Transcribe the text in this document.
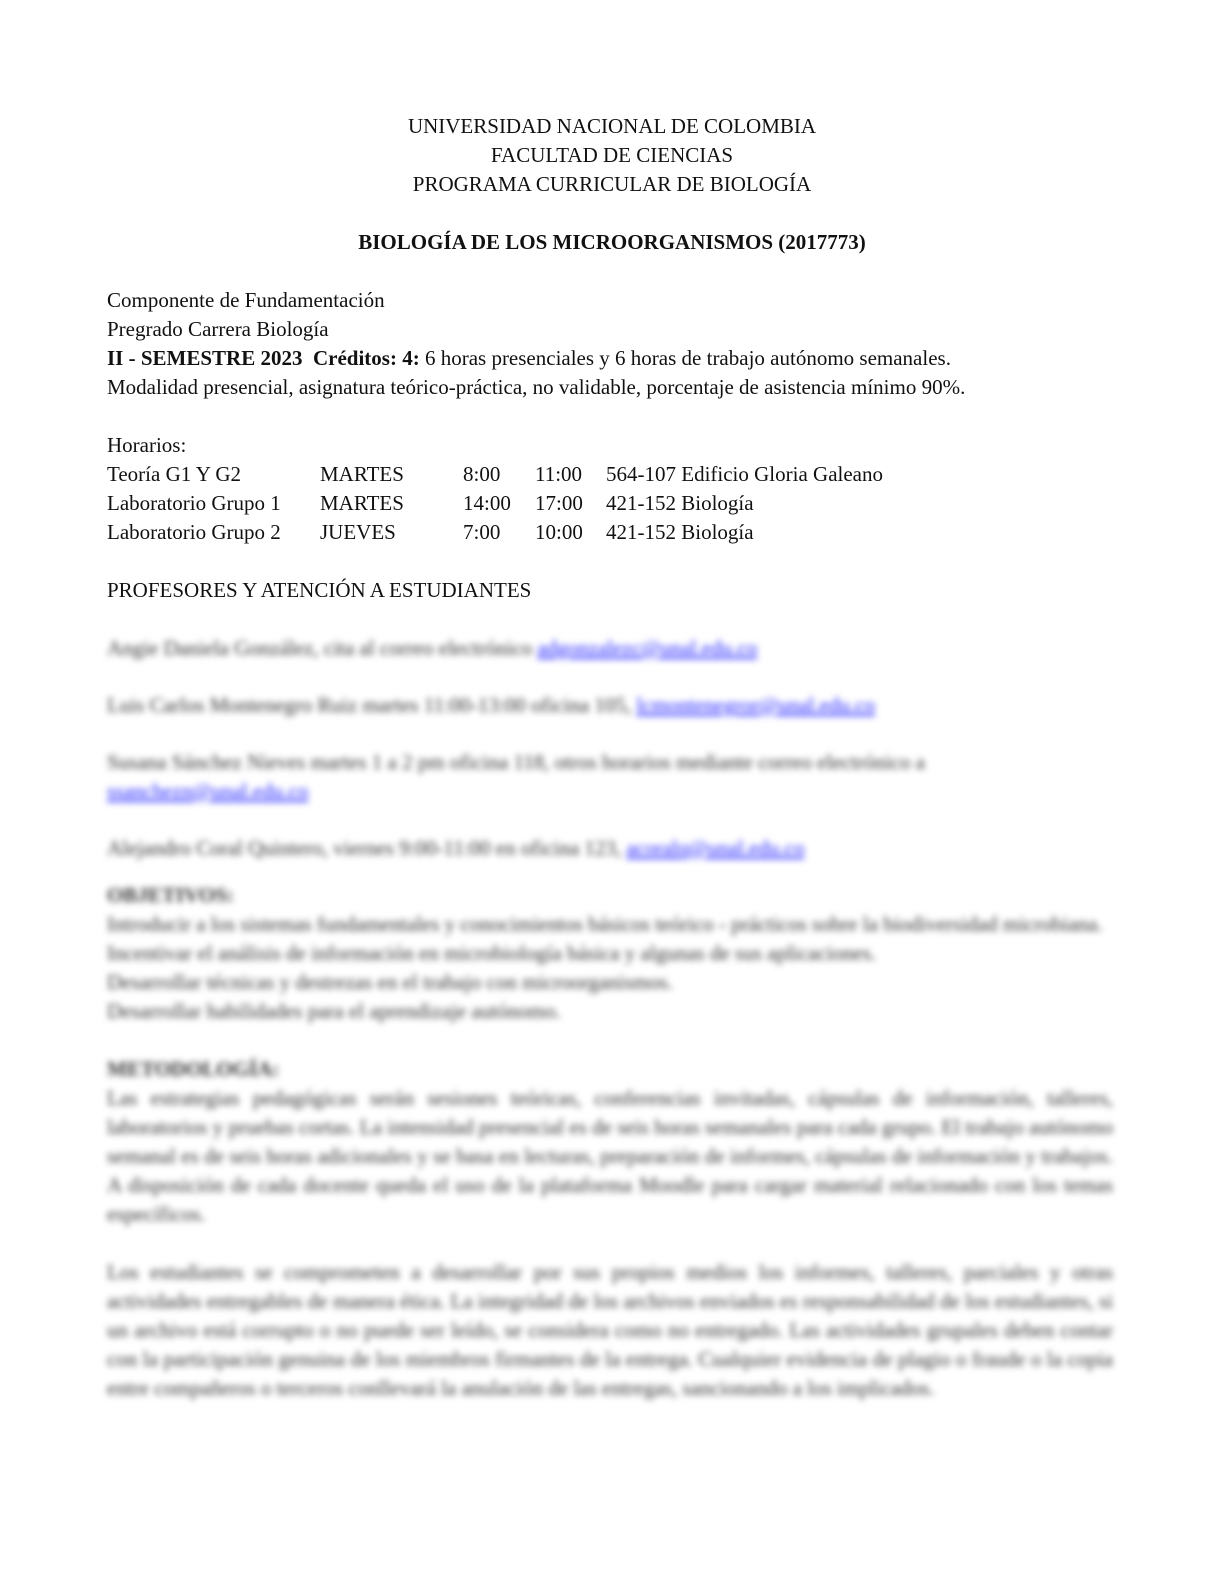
UNIVERSIDAD NACIONAL DE COLOMBIA
FACULTAD DE CIENCIAS
PROGRAMA CURRICULAR DE BIOLOGÍA
BIOLOGÍA DE LOS MICROORGANISMOS (2017773)
Componente de Fundamentación
Pregrado Carrera Biología
II - SEMESTRE 2023 Créditos: 4: 6 horas presenciales y 6 horas de trabajo autónomo semanales.
Modalidad presencial, asignatura teórico-práctica, no validable, porcentaje de asistencia mínimo 90%.
Horarios:
Teoría G1 Y G2	MARTES	8:00	11:00	564-107 Edificio Gloria Galeano
Laboratorio Grupo 1	MARTES	14:00	17:00	421-152 Biología
Laboratorio Grupo 2	JUEVES	7:00	10:00	421-152 Biología
PROFESORES Y ATENCIÓN A ESTUDIANTES
Angie Daniela González, cita al correo electrónico adgonzalezc@unal.edu.co
Luis Carlos Montenegro Ruiz martes 11:00-13:00 oficina 105, lcmontenegror@unal.edu.co
Susana Sánchez Nieves martes 1 a 2 pm oficina 118, otros horarios mediante correo electrónico a ssanchezn@unal.edu.co
Alejandro Coral Quintero, viernes 9:00-11:00 en oficina 123, acoralq@unal.edu.co
OBJETIVOS:
Introducir a los sistemas fundamentales y conocimientos básicos teórico - prácticos sobre la biodiversidad microbiana.
Incentivar el análisis de información en microbiología básica y algunas de sus aplicaciones.
Desarrollar técnicas y destrezas en el trabajo con microorganismos.
Desarrollar habilidades para el aprendizaje autónomo.
METODOLOGÍA:
Las estrategias pedagógicas serán sesiones teóricas, conferencias invitadas, cápsulas de información, talleres, laboratorios y pruebas cortas. La intensidad presencial es de seis horas semanales para cada grupo. El trabajo autónomo semanal es de seis horas adicionales y se basa en lecturas, preparación de informes, cápsulas de información y trabajos. A disposición de cada docente queda el uso de la plataforma Moodle para cargar material relacionado con los temas específicos.
Los estudiantes se comprometen a desarrollar por sus propios medios los informes, talleres, parciales y otras actividades entregables de manera ética. La integridad de los archivos enviados es responsabilidad de los estudiantes, si un archivo está corrupto o no puede ser leído, se considera como no entregado. Las actividades grupales deben contar con la participación genuina de los miembros firmantes de la entrega. Cualquier evidencia de plagio o fraude o la copia entre compañeros o terceros conllevará la anulación de las entregas, sancionando a los implicados.
